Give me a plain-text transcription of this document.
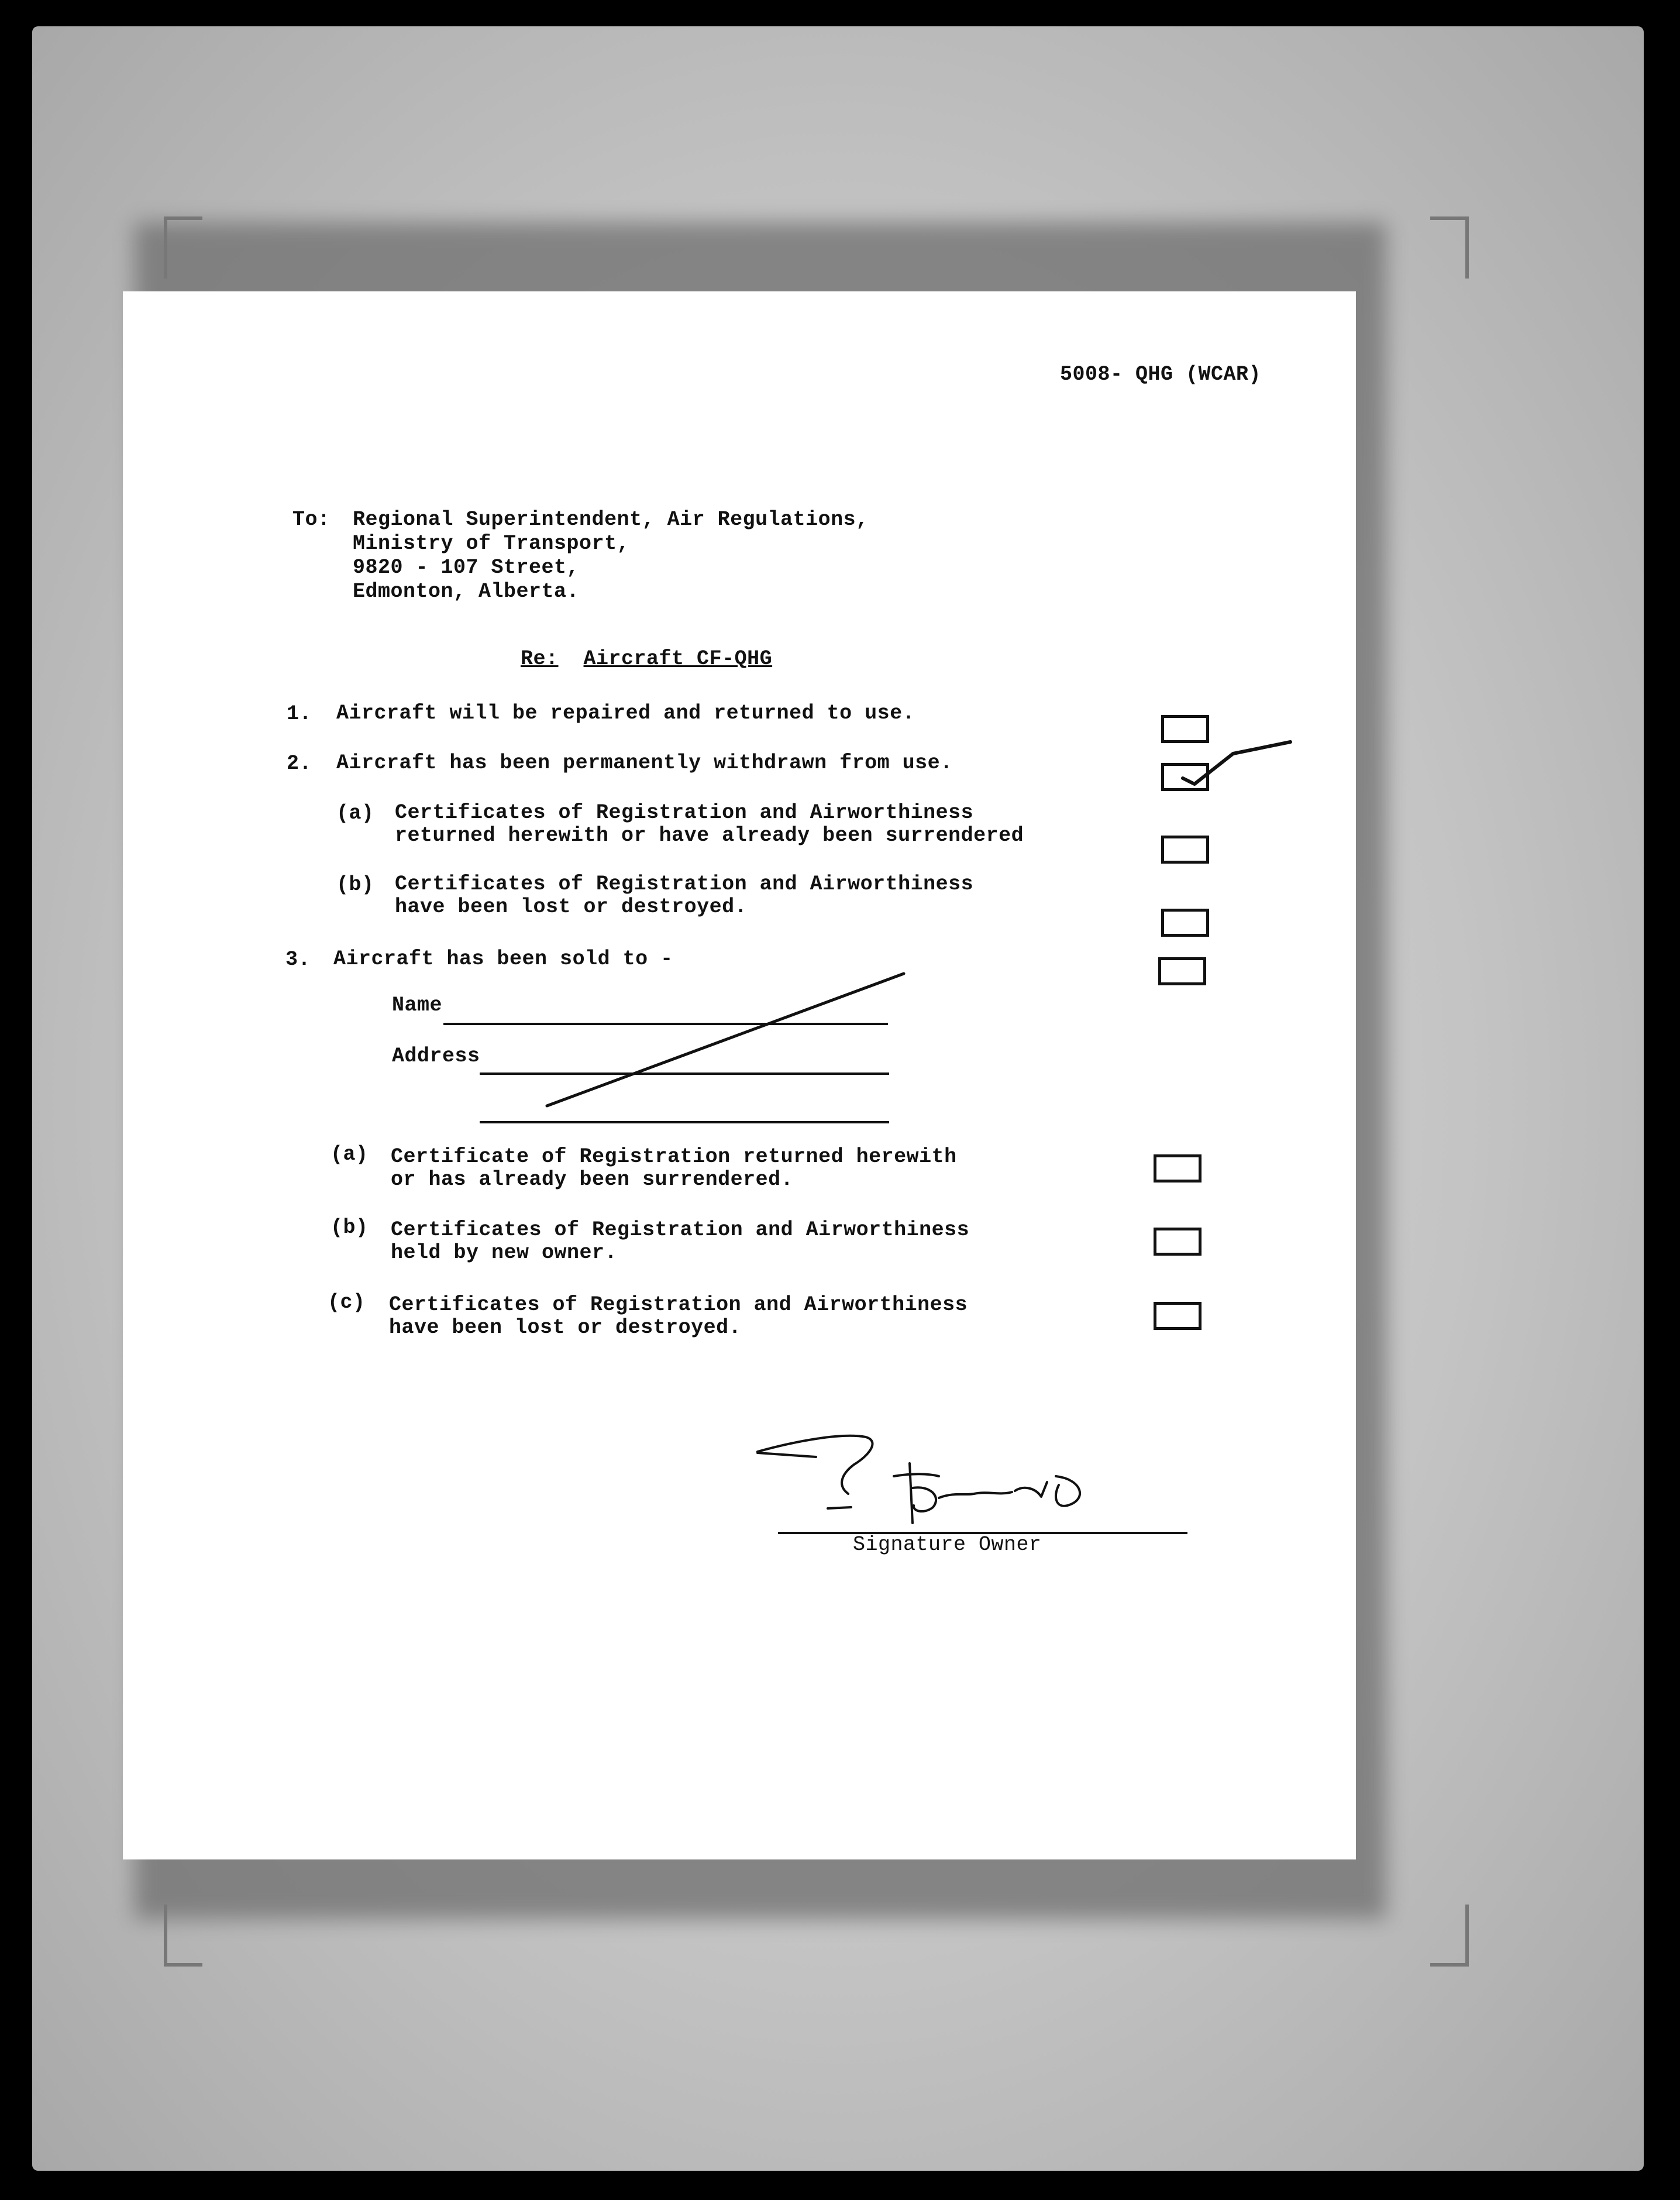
5008- QHG (WCAR)
To: Regional Superintendent, Air Regulations,
Ministry of Transport,
9820 - 107 Street,
Edmonton, Alberta.
Re: Aircraft CF-QHG
1. Aircraft will be repaired and returned to use.
2. Aircraft has been permanently withdrawn from use.
(a) Certificates of Registration and Airworthiness
returned herewith or have already been surrendered
(b) Certificates of Registration and Airworthiness
have been lost or destroyed.
3. Aircraft has been sold to -
Name
Address
(a) Certificate of Registration returned herewith
or has already been surrendered.
(b) Certificates of Registration and Airworthiness
held by new owner.
(c) Certificates of Registration and Airworthiness
have been lost or destroyed.
Signature Owner
